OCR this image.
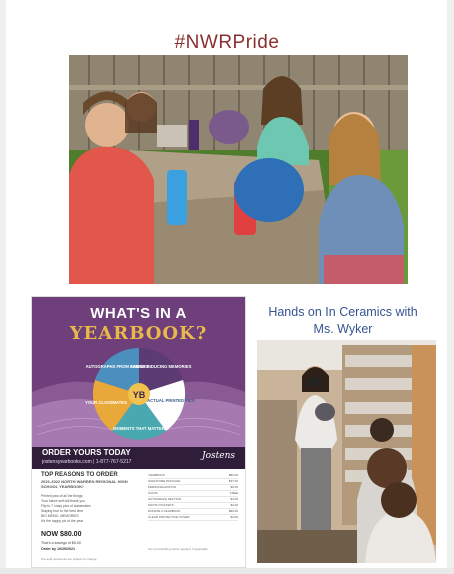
#NWRPride
WHAT'S IN A
YEARBOOK?
YB
AUTOGRAPHS FROM FRIENDS
LAUGH INDUCING MEMORIES
ACTUAL PRINTED PICS
MOMENTS THAT MATTER
YOUR CLASSMATES
ORDER YOURS TODAY
jostensyearbooks.com | 1-877-767-5217
Jostens
TOP REASONS TO ORDER
2021-2022 NORTH WARREN REGIONAL HIGH SCHOOL YEARBOOK!
Printed pics of all the things
Your future self will thank you
Flip to 7 crazy pics of classmates
Staying true to the best time
BIG MEMO. MEMORIES
It's the happy pic of the year
NOW $80.00
That's a savings of $5.00
Order by 10/29/2021
Pre-sold yearbooks are subject to change.
YEARBOOK	$80.00
SIGNATURE PACKAGE	$37.00
PERSONALIZATION	$9.00
ICONS	FREE
AUTOGRAPH SECTION	$3.00
PHOTO POCKETS	$3.00
DONATE A YEARBOOK	$80.00
CLEAR PROTECTIVE COVER	$3.00
Tax and handling will be applied, if applicable.
Hands on In Ceramics with
Ms. Wyker
